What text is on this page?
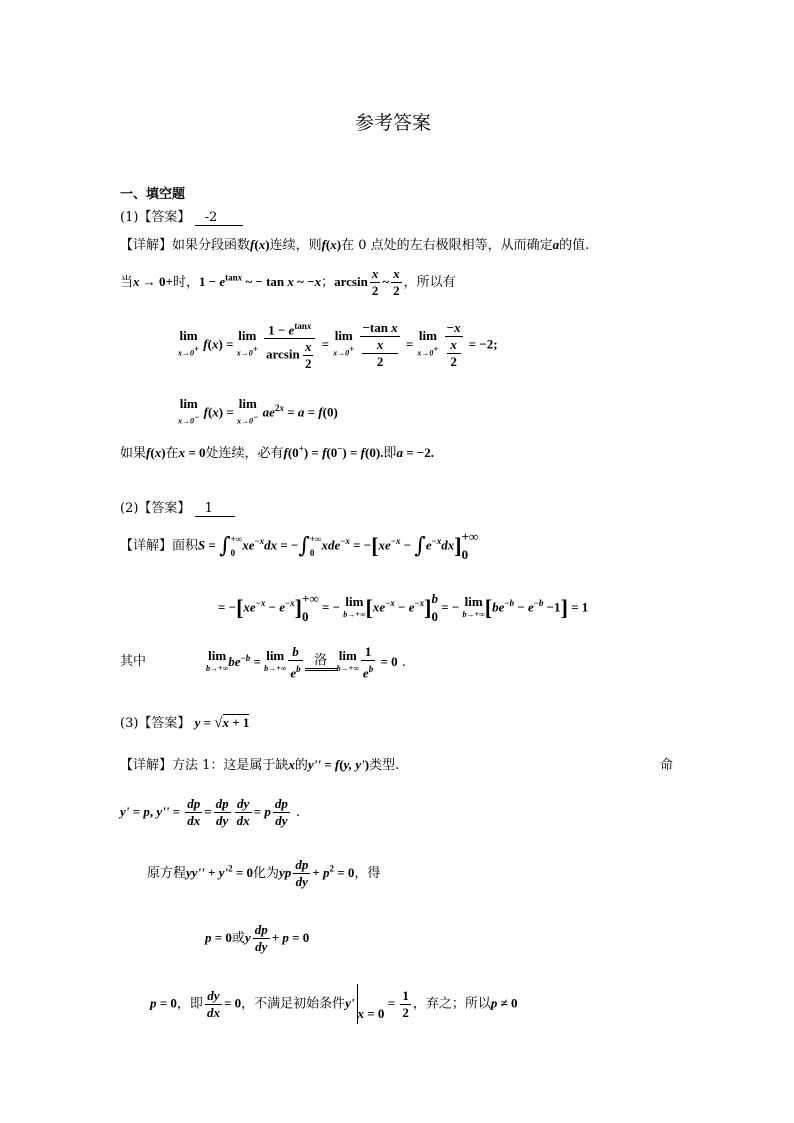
参考答案
一、填空题
(1)【答案】 -2
【详解】如果分段函数f(x)连续，则f(x)在 0 点处的左右极限相等，从而确定a的值.
当x → 0+时，$1 - e^{tanx}$ ~ − tan x ~ −x；$\arcsin \frac{x}{2}$ ~ $\frac{x}{2}$ ，所以有
lim
x→0+ f(x) = lim
x→0+
$\frac{1 - e^{tanx}}{\arcsin \frac{x}{2}} = \lim$
x→0+
−tan x
x
2 = lim
x→0+
−x
x
2 = −2;
lim
x→0− f(x) = lim
x→0− $ae^{2x} = a = f(0)$
如果f(x)在x = 0处连续，必有f(0+) = f(0−) = f(0).即a = −2.
(2)【答案】 1
【详解】面积S = ∫+∞
$0xe^{-x}dx$ = −∫+∞
$0xde^{-x} = -[xe^{-x} - \int e^{-x}dx]+\infty$
0
= $-[xe^{-x} - e^{-x}]+\infty$
0 = − lim
b→+∞ $[xe^{-x} - e^{-x}]b$
0 = − lim
b→+∞ $[be^{-b} - e^{-b} -1] = 1$
其中	lim
b→+∞ $be^{-b} = \lim$
$b\to+\infty \frac{b}{e^b}$ 洛 lim
$b\to+\infty \frac{1}{e^b} = 0$ .
(3)【答案】 y = √x + 1
【详解】方法 1：这是属于缺x的y'' = f(y, y')类型.	命
y' = p, $y'' = \frac{dp}{dx} = \frac{dp}{dy} \frac{dy}{dx} = p \frac{dp}{dy}$ .
原方程$yy'' + y'^2 = 0$化为yp $\frac{dp}{dy} + p^2 = 0$，得
p = 0或y $\frac{dp}{dy} + p = 0$
p = 0，即 $\frac{dy}{dx} = 0$，不满足初始条件$y'x = 0 = \frac{1}{2}$ ，弃之；所以p ≠ 0
